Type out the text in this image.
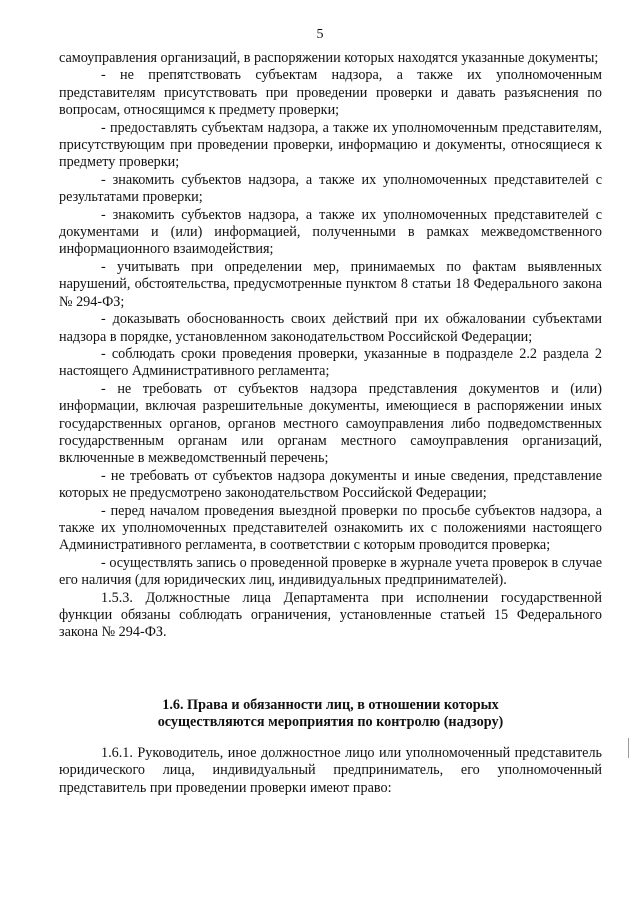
5

самоуправления организаций, в распоряжении которых находятся указанные документы;

- не препятствовать субъектам надзора, а также их уполномоченным представителям присутствовать при проведении проверки и давать разъяснения по вопросам, относящимся к предмету проверки;

- предоставлять субъектам надзора, а также их уполномоченным представителям, присутствующим при проведении проверки, информацию и документы, относящиеся к предмету проверки;

- знакомить субъектов надзора, а также их уполномоченных представителей с результатами проверки;

- знакомить субъектов надзора, а также их уполномоченных представителей с документами и (или) информацией, полученными в рамках межведомственного информационного взаимодействия;

- учитывать при определении мер, принимаемых по фактам выявленных нарушений, обстоятельства, предусмотренные пунктом 8 статьи 18 Федерального закона № 294-ФЗ;

- доказывать обоснованность своих действий при их обжаловании субъектами надзора в порядке, установленном законодательством Российской Федерации;

- соблюдать сроки проведения проверки, указанные в подразделе 2.2 раздела 2 настоящего Административного регламента;

- не требовать от субъектов надзора представления документов и (или) информации, включая разрешительные документы, имеющиеся в распоряжении иных государственных органов, органов местного самоуправления либо подведомственных государственным органам или органам местного самоуправления организаций, включенные в межведомственный перечень;

- не требовать от субъектов надзора документы и иные сведения, представление которых не предусмотрено законодательством Российской Федерации;

- перед началом проведения выездной проверки по просьбе субъектов надзора, а также их уполномоченных представителей ознакомить их с положениями настоящего Административного регламента, в соответствии с которым проводится проверка;

- осуществлять запись о проведенной проверке в журнале учета проверок в случае его наличия (для юридических лиц, индивидуальных предпринимателей).

1.5.3. Должностные лица Департамента при исполнении государственной функции обязаны соблюдать ограничения, установленные статьей 15 Федерального закона № 294-ФЗ.

1.6. Права и обязанности лиц, в отношении которых
осуществляются мероприятия по контролю (надзору)

1.6.1. Руководитель, иное должностное лицо или уполномоченный представитель юридического лица, индивидуальный предприниматель, его уполномоченный представитель при проведении проверки имеют право:
